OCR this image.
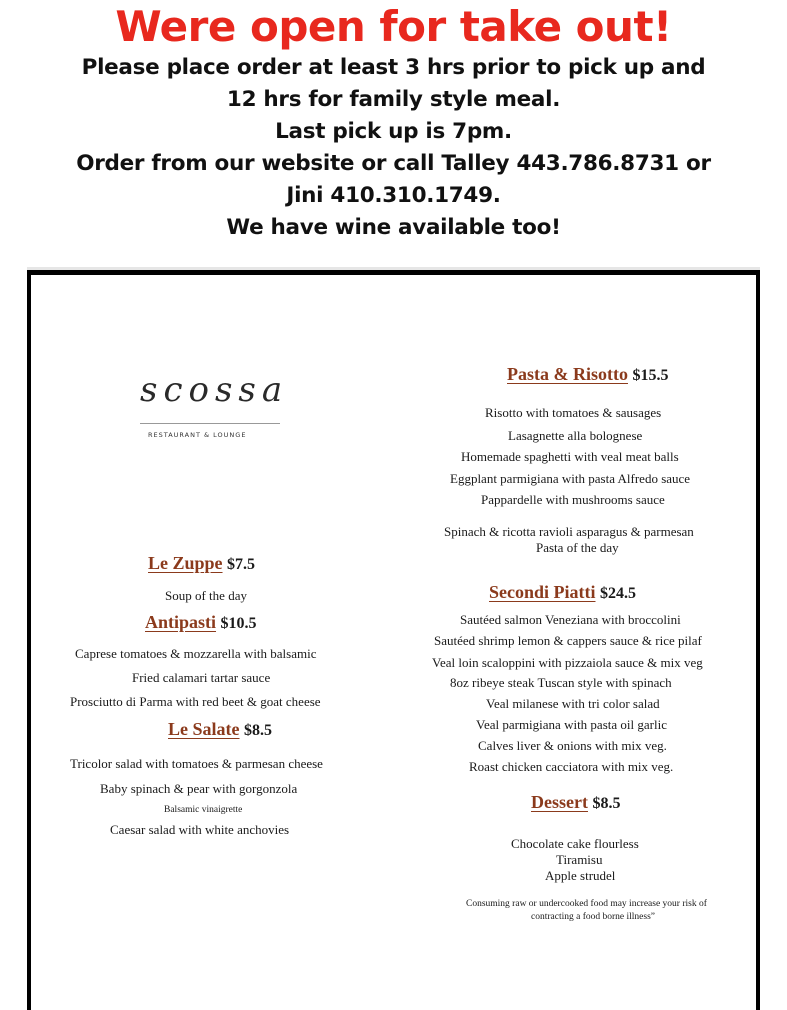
Were open for take out!
Please place order at least 3 hrs prior to pick up and
12 hrs for family style meal.
Last pick up is 7pm.
Order from our website or call Talley 443.786.8731 or
Jini 410.310.1749.
We have wine available too!
scossa
RESTAURANT & LOUNGE
Le Zuppe $7.5
Soup of the day
Antipasti $10.5
Caprese tomatoes & mozzarella with balsamic
Fried calamari tartar sauce
Prosciutto di Parma with red beet & goat cheese
Le Salate $8.5
Tricolor salad with tomatoes & parmesan cheese
Baby spinach & pear with gorgonzola
Balsamic vinaigrette
Caesar salad with white anchovies
Pasta & Risotto $15.5
Risotto with tomatoes & sausages
Lasagnette alla bolognese
Homemade spaghetti with veal meat balls
Eggplant parmigiana with pasta Alfredo sauce
Pappardelle with mushrooms sauce
Spinach & ricotta ravioli asparagus & parmesan
Pasta of the day
Secondi Piatti $24.5
Sautéed salmon Veneziana with broccolini
Sautéed shrimp lemon & cappers sauce & rice pilaf
Veal loin scaloppini with pizzaiola sauce & mix veg
8oz ribeye steak Tuscan style with spinach
Veal milanese with tri color salad
Veal parmigiana with pasta oil garlic
Calves liver & onions with mix veg.
Roast chicken cacciatora with mix veg.
Dessert $8.5
Chocolate cake flourless
Tiramisu
Apple strudel
Consuming raw or undercooked food may increase your risk of
contracting a food borne illness”
